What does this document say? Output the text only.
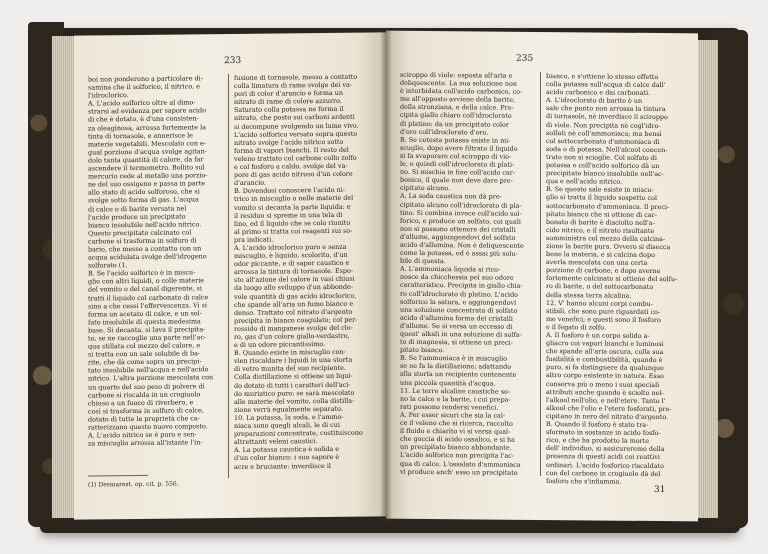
233
boi non ponderono a particolare di-
samina che il solforico, il nitrico, e
l'idroclorico.
A. L'acido solforico oltre al dimo-
strarsi ad evidenza per sapore acido
di che è dotato, è d'una consisten-
za oleaginosa, arrossa fortemente la
tinta di tornasole, e annerisce le
materie vegetabili. Mescolato con e-
gual porzione d'acqua svolge agitan-
dolo tanta quantità di calore, da far
ascendere il termometro. Bollito sul
mercurio cede al metallo una porzio-
ne del suo ossigeno e passa in parte
allo stato di acido solforoso, che si
svolge sotto forma di gas. L'acqua
di calce o di barite versata nel
l'acido produce un precipitato
bianco insolubile nell'acido nitrico.
Questo precipitato calcinato col
carbone si trasforma in solfuro di
bario, che messo a contatto con un
acqua acidulata svolge dell'idrogeno
solforato (1.
B. Se l'acido solforico è in miscu-
glio con altri liquidi, o colle materie
del vomito o del canal digerente, si
tratti il liquido col carbonato di calce
sino a che cessi l'effervescenza. Vi si
forma un acetato di calce, e un sol-
fato insolubile di questa medesima
base. Si decanta, si lava il precipita-
to, se ne raccoglie una parte nell'ac-
qua stillata col mezzo del calore, e
si tratta con un sale solubile di ba-
rite, che dà come sopra un precipi-
tato insolubile nell'acqua e nell'acido
nitrico. L'altra porzione mescolata con
un quarto del suo peso di polvere di
carbone si riscalda in un crogiuolo
chiuso a un fuoco di riverbero, e
così si trasforma in solfuro di calce,
dotato di tutte le proprietà che ca-
ratterizzano questo nuovo composto.
A. L'acido nitrico se è puro e sen-
za miscuglio arrossa all'istante l'in-
fusione di tornasole, messo a contatto
colla limatura di rame svolge dei va-
pori di color d'arancio e forma un
nitrato di rame di colore azzurro.
Saturato colla potassa ne forma il
nitrato, che posto sui carboni ardenti
si decompone svolgendo un lume vivo.
L'acido solforico versato sopra questo
nitrato svolge l'acido nitrico sotto
forma di vapori bianchi. Il resto del
veleno trattato col carbone collo zolfo
e col fosforo a caldo, svolge del va-
pore di gas acido nitroso d'un colore
d'arancio.
B. Dovendosi conoscere l'acido ni-
trico in miscuglio o nelle materie del
vomito si decanta la parte liquida: e
il residuo si spreme in una tela di
lino, ed il liquido che se colo riunito
al primo si tratta coi reagenti sui so-
pra indicati.
A. L'acido idroclorico puro e senza
miscuglio, è liquido, scolorito, d'un
odor piccante, e di sapor caustico e
arrossa la tintura di tornasole. Espo-
sto all'azione del calore in vasi chiusi
da luogo allo sviluppo d'un abbonde-
vole quantità di gas acido idroclorico,
che spande all'aria un fumo bianco e
denso. Trattato col nitrato d'argento
precipita in bianco coagulato; col per-
rossido di manganese svolge del clo-
ro, gas d'un colore giallo-verdastro,
e di un odore piccantissimo.
B. Quando esiste in miscuglio con-
vien riscaldare i liquidi in una storta
di vetro munita del suo recipiente.
Colla distillazione si ottiene un liqui-
do dotato di tutti i caratteri dell'aci-
do muriatico puro: se sarà mescolato
alle materie del vomito, colla distilla-
zione verrà egualmente separato.
10. La potassa, la soda, e l'ammo-
niaca sono quegli alcali, le di cui
preparazioni concentrate, costituiscono
altrettanti veleni caustici.
A. La potassa caustica è solida e
d'un color bianco: i suo sapore è
acre e bruciante: inverdisce il
(1) Desmarest, op. cit. p. 556.
235
sciroppo di viole: esposta all'aria e
deliquescente. La sua soluzione non
è intorbidata coll'acido carbonico, co-
me all'opposto avviene della barite,
della stronziana, e della calce. Pre-
cipita giallo chiaro coll'idroclorato
di platino: da un precipitato color
d'oro coll'idroclorato d'oro.
B. Se cotesta potassa esiste in mi-
scuglio, dopo avere filtrato il liquido
si fa svaporare col sciroppo di vio-
le, e quindi coll'idroclorato di plati-
no. Si mischia in fine coll'acido car-
bonico, il quale non deve dare pre-
cipitato alcuno.
A. La soda caustica non dà pre-
cipitato alcuno coll'idroclorato di pla-
tino. Si combina invece coll'acido sol-
forico, e produce un solfato, coi quali
non si possono ottenere dei cristalli
d'allume, aggiungendovi del solfato
acido d'allumina. Non è deliquescente
come la potassa, ed è assai più solu-
bile di questa.
A. L'ammoniaca liquida si rico-
nosce da chicchessia pel suo odore
caratteristico. Precipita in giallo chia-
ro coll'idroclorato di platino. L'acido
solforico la satura, e aggiungendovi
una soluzione concentrata di solfato
acido d'allumina forma dei cristalli
d'allume. Se si versa un eccesso di
quest' alkali in una soluzione di solfa-
to di magnesia, si ottiene un preci-
pitato bianco.
B. Se l'ammoniaca è in miscuglio
se ne fa la distillazione; adattando
alla storta un recipiente contenente
una piccola quantità d'acqua.
11. Le terre alcaline caustiche so-
no la calce e la barite, i cui prepa-
rati possono rendersi venefici.
A. Per esser sicuri che sia la cal-
ce il veleno che si ricerca, raccolto
il fluido e chiarito vi si versa qual-
che goccia di acido ossalico, e si ha
un precipitato bianco abbondante.
L'acido solforico non precipita l'ac-
qua di calce. L'ossalato d'ammoniaca
vi produce anch' esso un precipitato
bianco, e s'ottiene lo stesso effetto
colla potassa sull'acqua di calce dall'
acido carbonico e dai carbonati.
A. L'idroclorato di barite è un
sale che punto non arrossa la tintura
di tornasole, nè inverdisce il sciroppo
di viole. Non precipita nè cogl'idro-
solfati nè coll'ammoniaca; ma bensì
col sottocarbonato d'ammoniaca di
soda o di potassa. Nell'alcool concen-
trato non si scioglie. Col solfato di
potassa e coll'acido solforico dà un
precipitato bianco insolubile nell'ac-
qua e nell'acido nitrico.
B. Se questo sale esiste in miscu-
glio si tratta il liquido sospetto col
sottocarbonato d'ammoniaca. Il preci-
pitato bianco che si ottiene di car-
bonato di barite è disciolto nell'a-
cido nitrico, e il nitrato risultante
somministra col mezzo della calcina-
zione la barite pura. Ovvero si disecca
bene la materia, e si calcina dopo
averla mescolata con una certa
porzione di carbone, e dopo averne
fortemente calcinato si ottiene del solfu-
ro di barite, o del sottocarbonato
della stessa terra alcalina.
12. V' hanno alcuni corpi combu-
stibili, che sono pure riguardati co-
me venefici; e questi sono il fosforo
e il fegato di zolfo.
A. Il fosforo è un corpo solido a-
gliacro coi vapori bianchi e luminosi
che spande all'aria oscura, colla sua
fusibilità e combustibilità, quando è
puro, si fa distinguere da qualunque
altro corpo esistente in natura. Esso
conserva più o meno i suoi speciali
attributi anche quando è sciolto nel-
l'alkool nell'olio, e nell'etere. Tanto l'
alkool che l'olio e l'etere fosforati, pre-
cipitano in nero del nitrato d'argento.
B. Quando il fosforo è stato tra-
sformato in sostanze in acido fosfo-
rico, e che ha prodotto la morte
dell' individuo, si assicureremo della
presenza di questi acidi coi reattivi
ordinari. L'acido fosforico riscaldato
con del carbone in crogiuolo dà del
fosforo che s'infiamma.
31
